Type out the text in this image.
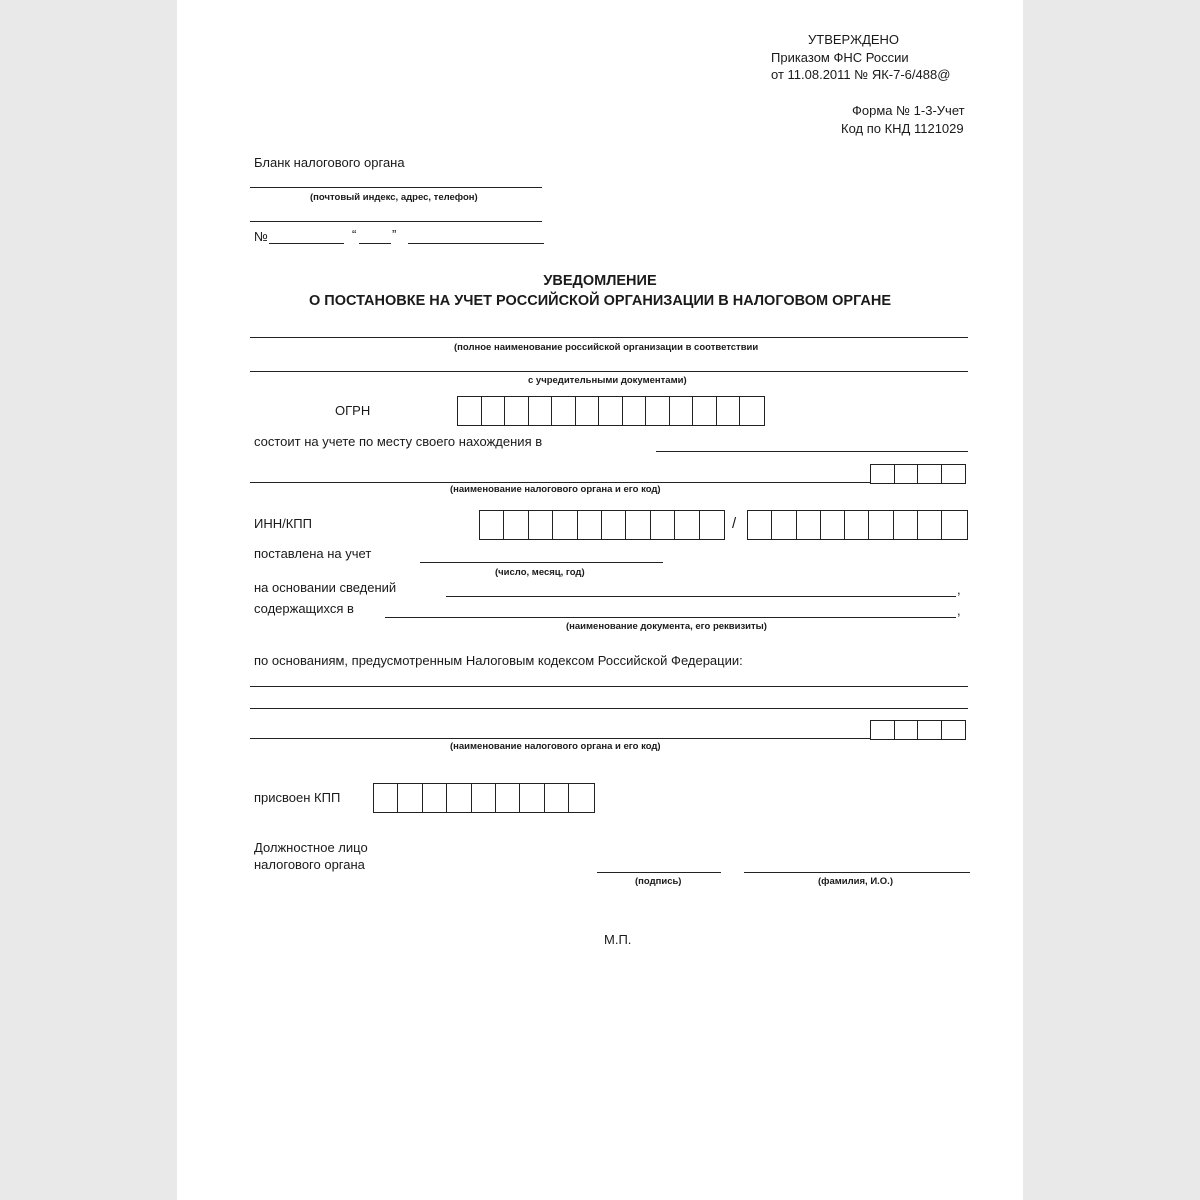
УТВЕРЖДЕНО
Приказом ФНС России
от 11.08.2011 № ЯК-7-6/488@
Форма № 1-3-Учет
Код по КНД 1121029
Бланк налогового органа
(почтовый индекс, адрес, телефон)
№	“	”
УВЕДОМЛЕНИЕ
О ПОСТАНОВКЕ НА УЧЕТ РОССИЙСКОЙ ОРГАНИЗАЦИИ В НАЛОГОВОМ ОРГАНЕ
(полное наименование российской организации в соответствии
с учредительными документами)
ОГРН
состоит на учете по месту своего нахождения в
(наименование налогового органа и его код)
ИНН/КПП	/
поставлена на учет
(число, месяц, год)
на основании сведений	,
содержащихся в	,
(наименование документа, его реквизиты)
по основаниям, предусмотренным Налоговым кодексом Российской Федерации:
(наименование налогового органа и его код)
присвоен КПП
Должностное лицо
налогового органа
(подпись)	(фамилия, И.О.)
М.П.
